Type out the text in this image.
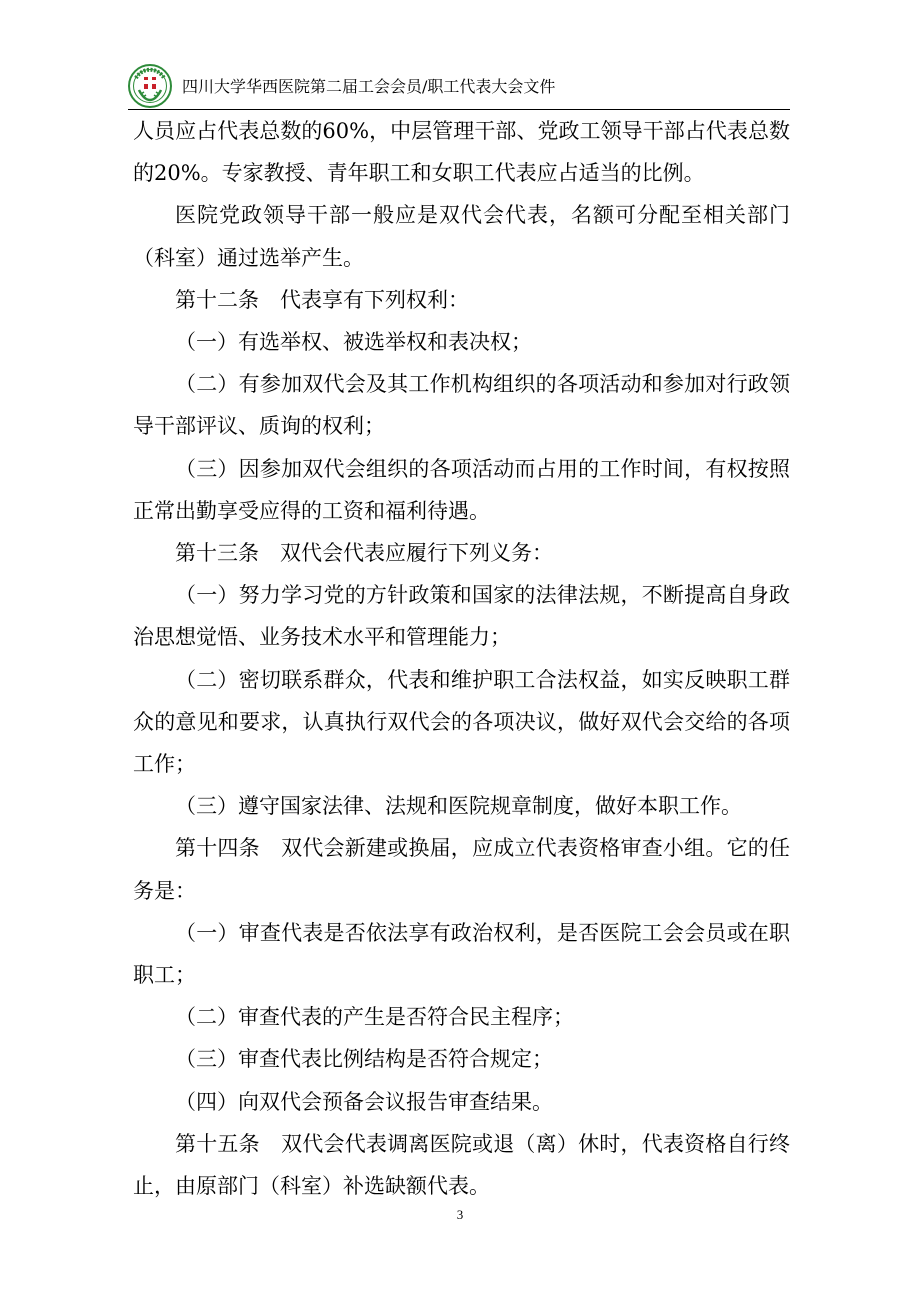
四川大学华西医院第二届工会会员/职工代表大会文件

人员应占代表总数的60%，中层管理干部、党政工领导干部占代表总数的20%。专家教授、青年职工和女职工代表应占适当的比例。

医院党政领导干部一般应是双代会代表，名额可分配至相关部门（科室）通过选举产生。

第十二条　代表享有下列权利：

（一）有选举权、被选举权和表决权；

（二）有参加双代会及其工作机构组织的各项活动和参加对行政领导干部评议、质询的权利；

（三）因参加双代会组织的各项活动而占用的工作时间，有权按照正常出勤享受应得的工资和福利待遇。

第十三条　双代会代表应履行下列义务：

（一）努力学习党的方针政策和国家的法律法规，不断提高自身政治思想觉悟、业务技术水平和管理能力；

（二）密切联系群众，代表和维护职工合法权益，如实反映职工群众的意见和要求，认真执行双代会的各项决议，做好双代会交给的各项工作；

（三）遵守国家法律、法规和医院规章制度，做好本职工作。

第十四条　双代会新建或换届，应成立代表资格审查小组。它的任务是：

（一）审查代表是否依法享有政治权利，是否医院工会会员或在职职工；

（二）审查代表的产生是否符合民主程序；

（三）审查代表比例结构是否符合规定；

（四）向双代会预备会议报告审查结果。

第十五条　双代会代表调离医院或退（离）休时，代表资格自行终止，由原部门（科室）补选缺额代表。

3
